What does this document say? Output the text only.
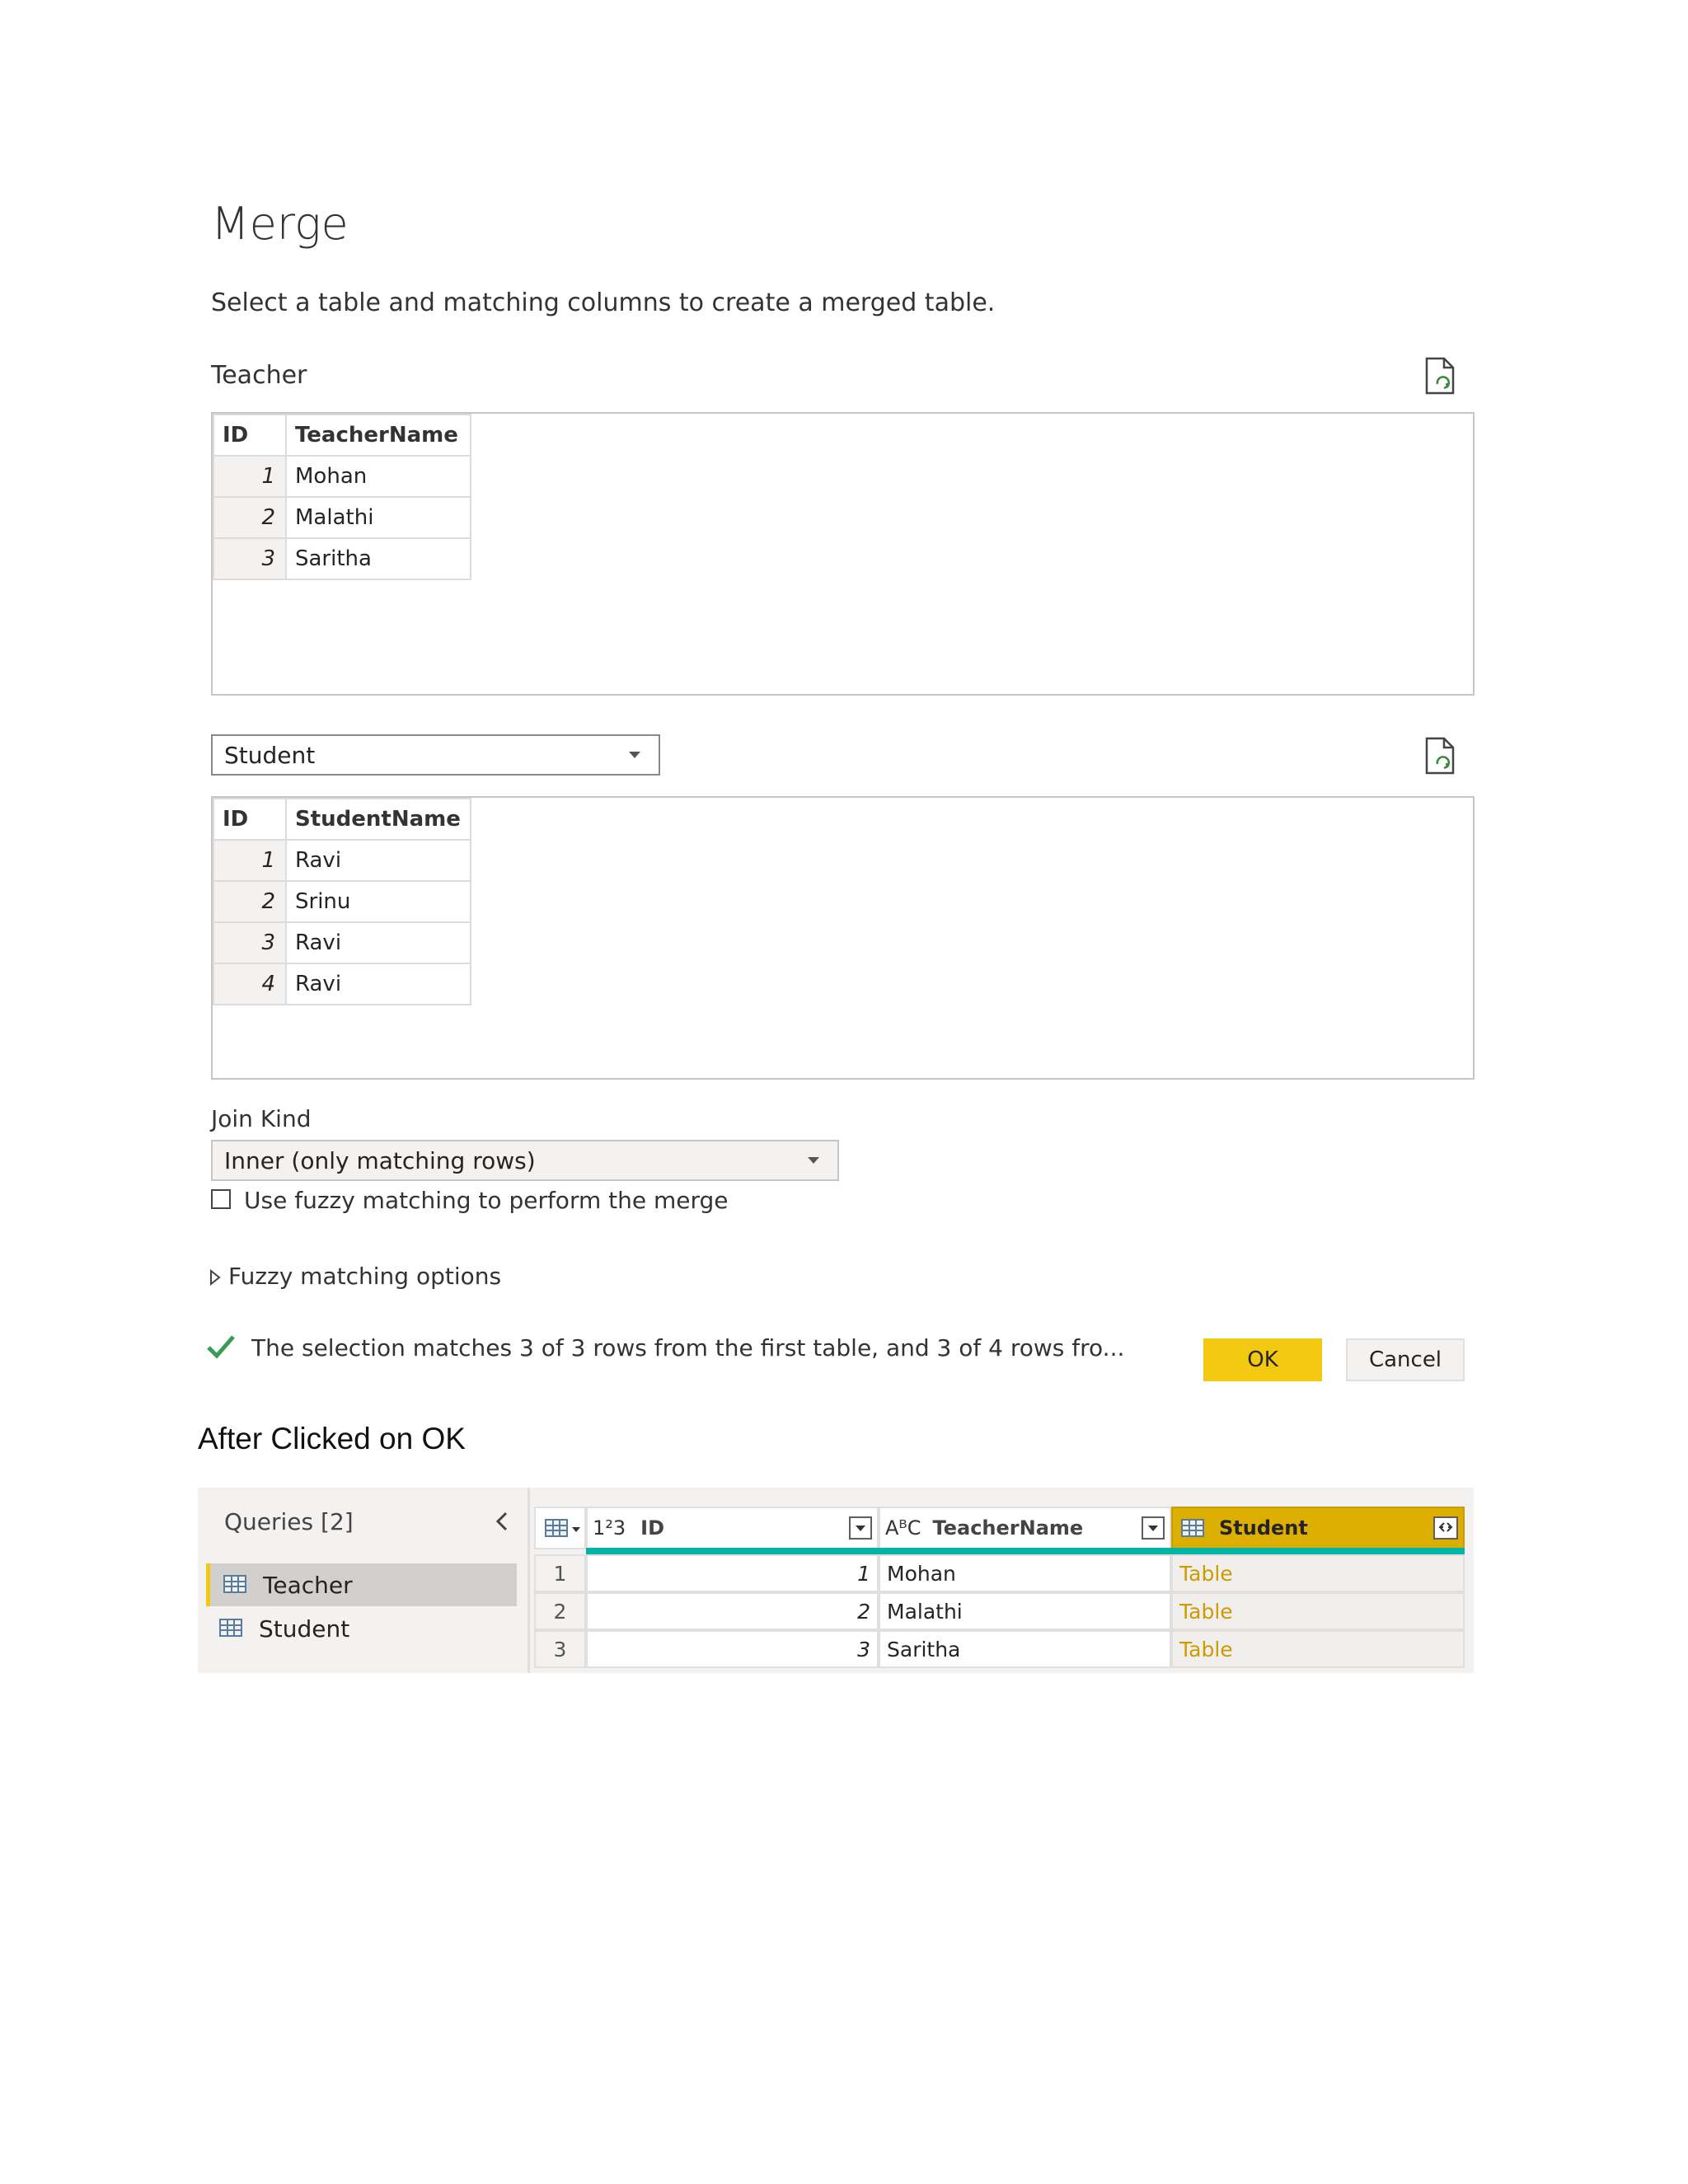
Merge
Select a table and matching columns to create a merged table.
Teacher
ID	TeacherName
1	Mohan
2	Malathi
3	Saritha
Student
ID	StudentName
1	Ravi
2	Srinu
3	Ravi
4	Ravi
Join Kind
Inner (only matching rows)
Use fuzzy matching to perform the merge
Fuzzy matching options
The selection matches 3 of 3 rows from the first table, and 3 of 4 rows fro...	OK	Cancel
After Clicked on OK
Queries [2]
Teacher
Student
1²3 ID	AᴮC TeacherName	Student
1	1 Mohan	Table
2	2 Malathi	Table
3	3 Saritha	Table
